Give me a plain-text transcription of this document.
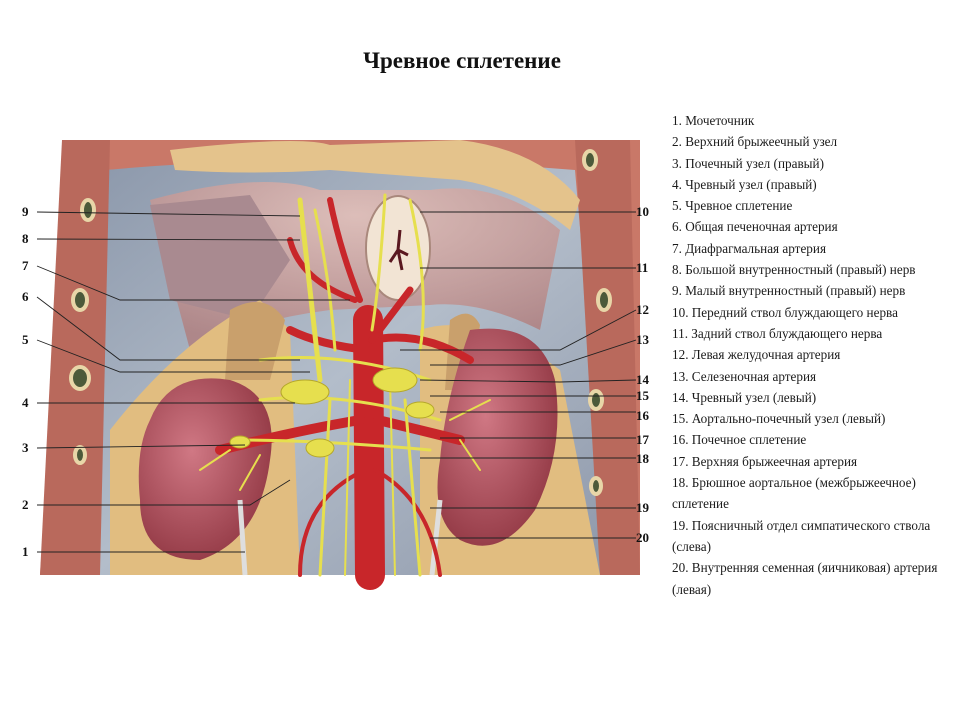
Чревное сплетение
9
8
7
6
5
4
3
2
1
10
11
12
13
14
15
16
17
18
19
20
1. Мочеточник
2. Верхний брыжеечный узел
3. Почечный узел (правый)
4. Чревный узел (правый)
5. Чревное сплетение
6. Общая печеночная артерия
7. Диафрагмальная артерия
8. Большой внутренностный (правый) нерв
9. Малый внутренностный (правый) нерв
10. Передний ствол блуждающего нерва
11. Задний ствол блуждающего нерва
12. Левая желудочная артерия
13. Селезеночная артерия
14. Чревный узел (левый)
15. Аортально-почечный узел (левый)
16. Почечное сплетение
17. Верхняя брыжеечная артерия
18. Брюшное аортальное (межбрыжеечное) сплетение
19. Поясничный отдел симпатического ствола (слева)
20. Внутренняя семенная (яичниковая) артерия (левая)
